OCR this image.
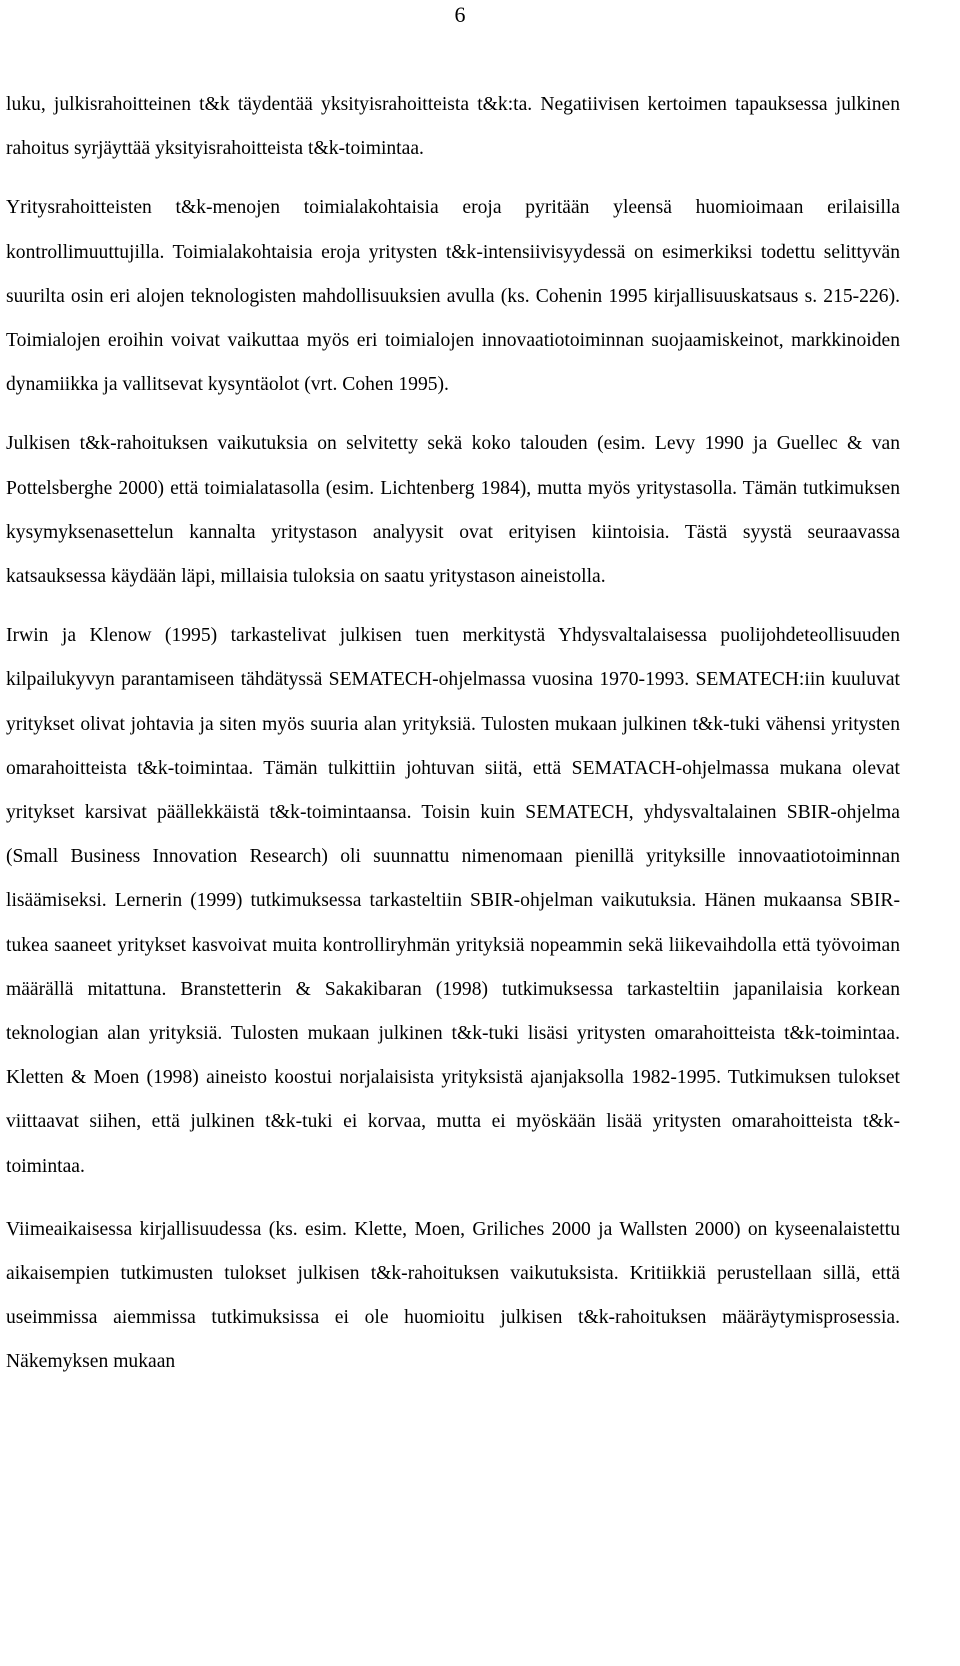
6

luku, julkisrahoitteinen t&k täydentää yksityisrahoitteista t&k:ta. Negatiivisen kertoimen tapauksessa julkinen rahoitus syrjäyttää yksityisrahoitteista t&k-toimintaa.

Yritysrahoitteisten t&k-menojen toimialakohtaisia eroja pyritään yleensä huomioimaan erilaisilla kontrollimuuttujilla. Toimialakohtaisia eroja yritysten t&k-intensiivisyydessä on esimerkiksi todettu selittyvän suurilta osin eri alojen teknologisten mahdollisuuksien avulla (ks. Cohenin 1995 kirjallisuuskatsaus s. 215-226). Toimialojen eroihin voivat vaikuttaa myös eri toimialojen innovaatiotoiminnan suojaamiskeinot, markkinoiden dynamiikka ja vallitsevat kysyntäolot (vrt. Cohen 1995).

Julkisen t&k-rahoituksen vaikutuksia on selvitetty sekä koko talouden (esim. Levy 1990 ja Guellec & van Pottelsberghe 2000) että toimialatasolla (esim. Lichtenberg 1984), mutta myös yritystasolla. Tämän tutkimuksen kysymyksenasettelun kannalta yritystason analyysit ovat erityisen kiintoisia. Tästä syystä seuraavassa katsauksessa käydään läpi, millaisia tuloksia on saatu yritystason aineistolla.

Irwin ja Klenow (1995) tarkastelivat julkisen tuen merkitystä Yhdysvaltalaisessa puolijohdeteollisuuden kilpailukyvyn parantamiseen tähdätyssä SEMATECH-ohjelmassa vuosina 1970-1993. SEMATECH:iin kuuluvat yritykset olivat johtavia ja siten myös suuria alan yrityksiä. Tulosten mukaan julkinen t&k-tuki vähensi yritysten omarahoitteista t&k-toimintaa. Tämän tulkittiin johtuvan siitä, että SEMATACH-ohjelmassa mukana olevat yritykset karsivat päällekkäistä t&k-toimintaansa. Toisin kuin SEMATECH, yhdysvaltalainen SBIR-ohjelma (Small Business Innovation Research) oli suunnattu nimenomaan pienillä yrityksille innovaatiotoiminnan lisäämiseksi. Lernerin (1999) tutkimuksessa tarkasteltiin SBIR-ohjelman vaikutuksia. Hänen mukaansa SBIR-tukea saaneet yritykset kasvoivat muita kontrolliryhmän yrityksiä nopeammin sekä liikevaihdolla että työvoiman määrällä mitattuna. Branstetterin & Sakakibaran (1998) tutkimuksessa tarkasteltiin japanilaisia korkean teknologian alan yrityksiä. Tulosten mukaan julkinen t&k-tuki lisäsi yritysten omarahoitteista t&k-toimintaa. Kletten & Moen (1998) aineisto koostui norjalaisista yrityksistä ajanjaksolla 1982-1995. Tutkimuksen tulokset viittaavat siihen, että julkinen t&k-tuki ei korvaa, mutta ei myöskään lisää yritysten omarahoitteista t&k-toimintaa.

Viimeaikaisessa kirjallisuudessa (ks. esim. Klette, Moen, Griliches 2000 ja Wallsten 2000) on kyseenalaistettu aikaisempien tutkimusten tulokset julkisen t&k-rahoituksen vaikutuksista. Kritiikkiä perustellaan sillä, että useimmissa aiemmissa tutkimuksissa ei ole huomioitu julkisen t&k-rahoituksen määräytymisprosessia. Näkemyksen mukaan
